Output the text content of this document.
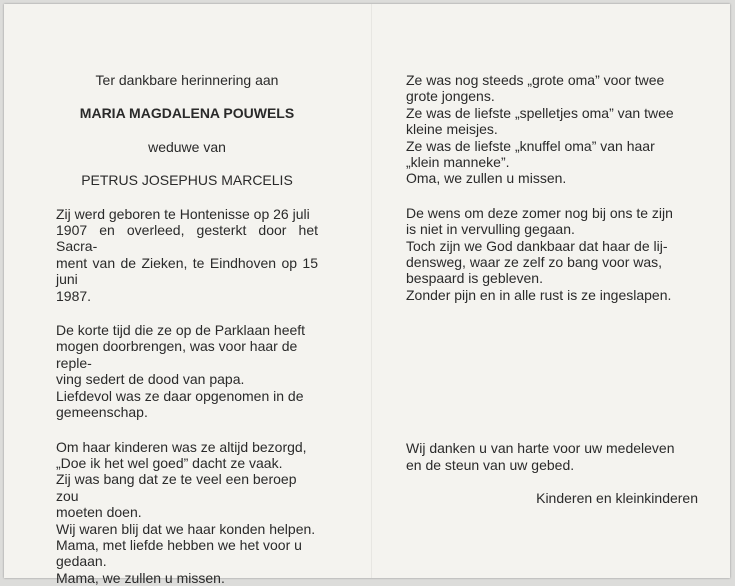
Ter dankbare herinnering aan
MARIA MAGDALENA POUWELS
weduwe van
PETRUS JOSEPHUS MARCELIS
Zij werd geboren te Hontenisse op 26 juli
1907 en overleed, gesterkt door het Sacra-
ment van de Zieken, te Eindhoven op 15 juni
1987.
De korte tijd die ze op de Parklaan heeft
mogen doorbrengen, was voor haar de reple-
ving sedert de dood van papa.
Liefdevol was ze daar opgenomen in de
gemeenschap.
Om haar kinderen was ze altijd bezorgd,
„Doe ik het wel goed” dacht ze vaak.
Zij was bang dat ze te veel een beroep zou
moeten doen.
Wij waren blij dat we haar konden helpen.
Mama, met liefde hebben we het voor u
gedaan.
Mama, we zullen u missen.
Ze was nog steeds „grote oma” voor twee
grote jongens.
Ze was de liefste „spelletjes oma” van twee
kleine meisjes.
Ze was de liefste „knuffel oma” van haar
„klein manneke”.
Oma, we zullen u missen.
De wens om deze zomer nog bij ons te zijn
is niet in vervulling gegaan.
Toch zijn we God dankbaar dat haar de lij-
densweg, waar ze zelf zo bang voor was,
bespaard is gebleven.
Zonder pijn en in alle rust is ze ingeslapen.
Wij danken u van harte voor uw medeleven
en de steun van uw gebed.
Kinderen en kleinkinderen
